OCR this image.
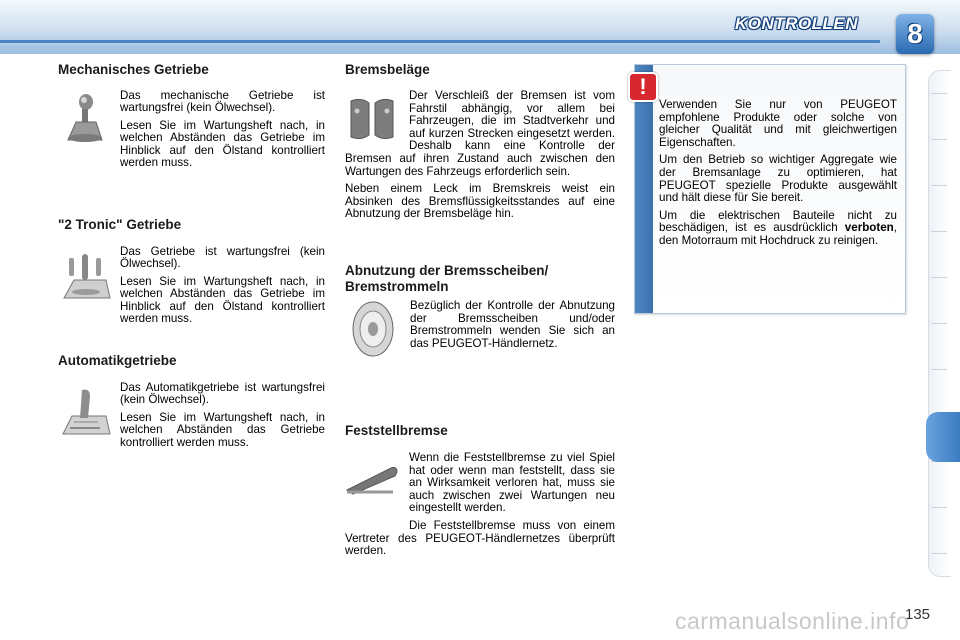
KONTROLLEN	8
Mechanisches Getriebe

Das mechanische Getriebe ist wartungsfrei (kein Ölwechsel).

Lesen Sie im Wartungsheft nach, in welchen Abständen das Getriebe im Hinblick auf den Ölstand kontrolliert werden muss.

"2 Tronic" Getriebe

Das Getriebe ist wartungsfrei (kein Ölwechsel).

Lesen Sie im Wartungsheft nach, in welchen Abständen das Getriebe im Hinblick auf den Ölstand kontrolliert werden muss.

Automatikgetriebe

Das Automatikgetriebe ist wartungsfrei (kein Ölwechsel).

Lesen Sie im Wartungsheft nach, in welchen Abständen das Getriebe kontrolliert werden muss.

Bremsbeläge

Der Verschleiß der Bremsen ist vom Fahrstil abhängig, vor allem bei Fahrzeugen, die im Stadtverkehr und auf kurzen Strecken eingesetzt werden. Deshalb kann eine Kontrolle der Bremsen auf ihren Zustand auch zwischen den Wartungen des Fahrzeugs erforderlich sein.

Neben einem Leck im Bremskreis weist ein Absinken des Bremsflüssigkeitsstandes auf eine Abnutzung der Bremsbeläge hin.

Abnutzung der Bremsscheiben/ Bremstrommeln

Bezüglich der Kontrolle der Abnutzung der Bremsscheiben und/oder Bremstrommeln wenden Sie sich an das PEUGEOT-Händlernetz.

Feststellbremse

Wenn die Feststellbremse zu viel Spiel hat oder wenn man feststellt, dass sie an Wirksamkeit verloren hat, muss sie auch zwischen zwei Wartungen neu eingestellt werden.

Die Feststellbremse muss von einem Vertreter des PEUGEOT-Händlernetzes überprüft werden.

Verwenden Sie nur von PEUGEOT empfohlene Produkte oder solche von gleicher Qualität und mit gleichwertigen Eigenschaften.

Um den Betrieb so wichtiger Aggregate wie der Bremsanlage zu optimieren, hat PEUGEOT spezielle Produkte ausgewählt und hält diese für Sie bereit.

Um die elektrischen Bauteile nicht zu beschädigen, ist es ausdrücklich verboten, den Motorraum mit Hochdruck zu reinigen.

!
135
carmanualsonline.info
